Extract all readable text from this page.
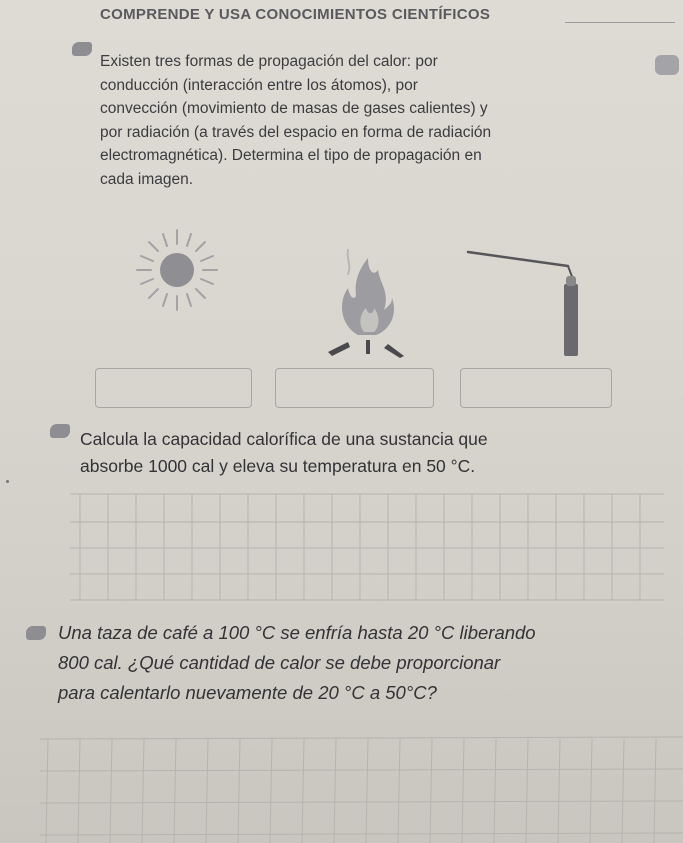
COMPRENDE Y USA CONOCIMIENTOS CIENTÍFICOS
Existen tres formas de propagación del calor: por
conducción (interacción entre los átomos), por
convección (movimiento de masas de gases calientes) y
por radiación (a través del espacio en forma de radiación
electromagnética). Determina el tipo de propagación en
cada imagen.
Calcula la capacidad calorífica de una sustancia que
absorbe 1000 cal y eleva su temperatura en 50 °C.
Una taza de café a 100 °C se enfría hasta 20 °C liberando
800 cal. ¿Qué cantidad de calor se debe proporcionar
para calentarlo nuevamente de 20 °C a 50°C?
